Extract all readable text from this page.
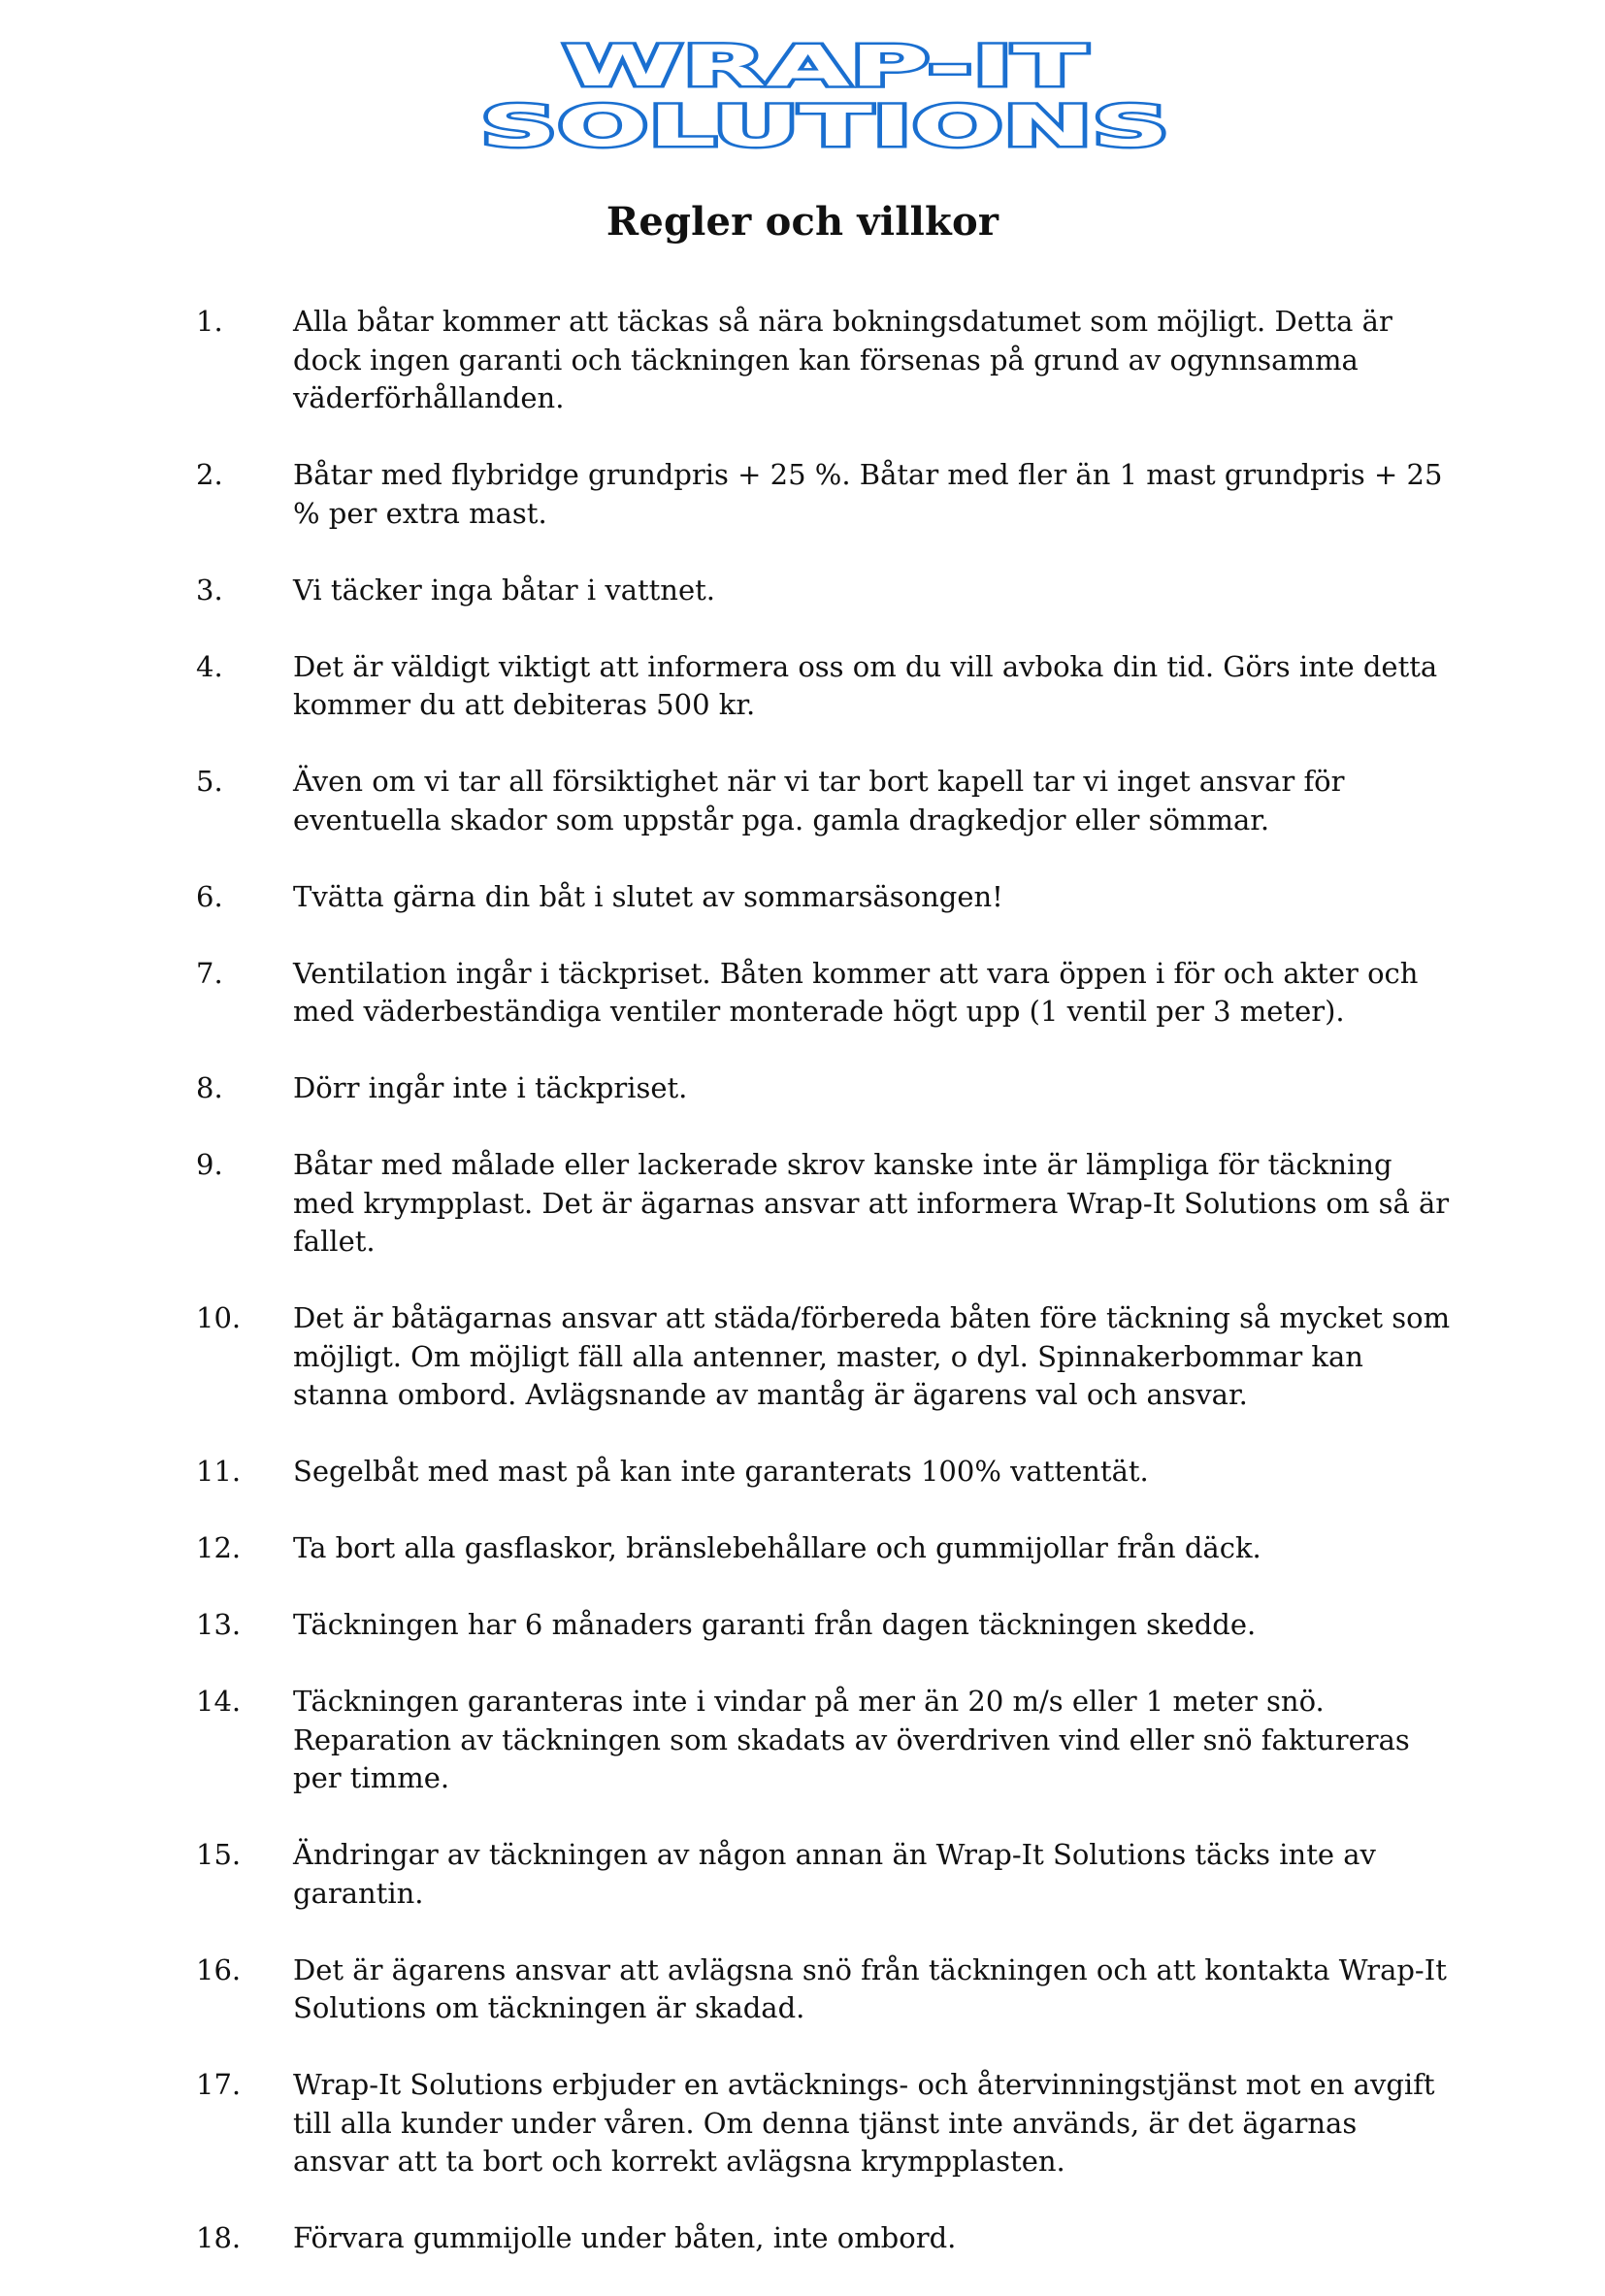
WRAP-IT
SOLUTIONS
Regler och villkor
1.	Alla båtar kommer att täckas så nära bokningsdatumet som möjligt. Detta är dock ingen garanti och täckningen kan försenas på grund av ogynnsamma väderförhållanden.
2.	Båtar med flybridge grundpris + 25 %. Båtar med fler än 1 mast grundpris + 25 % per extra mast.
3.	Vi täcker inga båtar i vattnet.
4.	Det är väldigt viktigt att informera oss om du vill avboka din tid. Görs inte detta kommer du att debiteras 500 kr.
5.	Även om vi tar all försiktighet när vi tar bort kapell tar vi inget ansvar för eventuella skador som uppstår pga. gamla dragkedjor eller sömmar.
6.	Tvätta gärna din båt i slutet av sommarsäsongen!
7.	Ventilation ingår i täckpriset. Båten kommer att vara öppen i för och akter och med väderbeständiga ventiler monterade högt upp (1 ventil per 3 meter).
8.	Dörr ingår inte i täckpriset.
9.	Båtar med målade eller lackerade skrov kanske inte är lämpliga för täckning med krympplast. Det är ägarnas ansvar att informera Wrap-It Solutions om så är fallet.
10.	Det är båtägarnas ansvar att städa/förbereda båten före täckning så mycket som möjligt. Om möjligt fäll alla antenner, master, o dyl. Spinnakerbommar kan stanna ombord. Avlägsnande av mantåg är ägarens val och ansvar.
11.	Segelbåt med mast på kan inte garanterats 100% vattentät.
12.	Ta bort alla gasflaskor, bränslebehållare och gummijollar från däck.
13.	Täckningen har 6 månaders garanti från dagen täckningen skedde.
14.	Täckningen garanteras inte i vindar på mer än 20 m/s eller 1 meter snö. Reparation av täckningen som skadats av överdriven vind eller snö faktureras per timme.
15.	Ändringar av täckningen av någon annan än Wrap-It Solutions täcks inte av garantin.
16.	Det är ägarens ansvar att avlägsna snö från täckningen och att kontakta Wrap-It Solutions om täckningen är skadad.
17.	Wrap-It Solutions erbjuder en avtäcknings- och återvinningstjänst mot en avgift till alla kunder under våren. Om denna tjänst inte används, är det ägarnas ansvar att ta bort och korrekt avlägsna krympplasten.
18.	Förvara gummijolle under båten, inte ombord.
